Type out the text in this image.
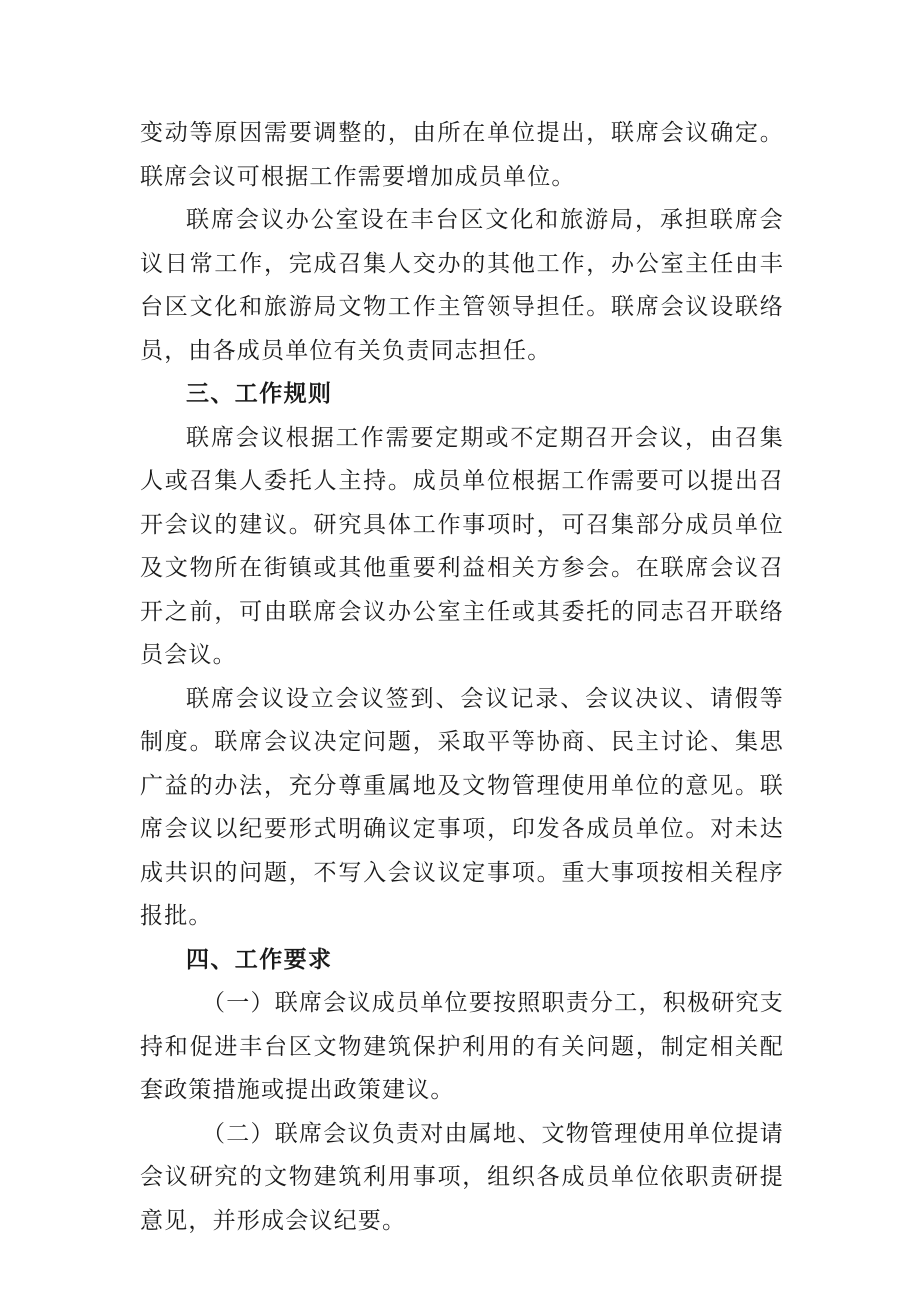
变动等原因需要调整的，由所在单位提出，联席会议确定。联席会议可根据工作需要增加成员单位。

联席会议办公室设在丰台区文化和旅游局，承担联席会议日常工作，完成召集人交办的其他工作，办公室主任由丰台区文化和旅游局文物工作主管领导担任。联席会议设联络员，由各成员单位有关负责同志担任。

三、工作规则

联席会议根据工作需要定期或不定期召开会议，由召集人或召集人委托人主持。成员单位根据工作需要可以提出召开会议的建议。研究具体工作事项时，可召集部分成员单位及文物所在街镇或其他重要利益相关方参会。在联席会议召开之前，可由联席会议办公室主任或其委托的同志召开联络员会议。

联席会议设立会议签到、会议记录、会议决议、请假等制度。联席会议决定问题，采取平等协商、民主讨论、集思广益的办法，充分尊重属地及文物管理使用单位的意见。联席会议以纪要形式明确议定事项，印发各成员单位。对未达成共识的问题，不写入会议议定事项。重大事项按相关程序报批。

四、工作要求

（一）联席会议成员单位要按照职责分工，积极研究支持和促进丰台区文物建筑保护利用的有关问题，制定相关配套政策措施或提出政策建议。

（二）联席会议负责对由属地、文物管理使用单位提请会议研究的文物建筑利用事项，组织各成员单位依职责研提意见，并形成会议纪要。
